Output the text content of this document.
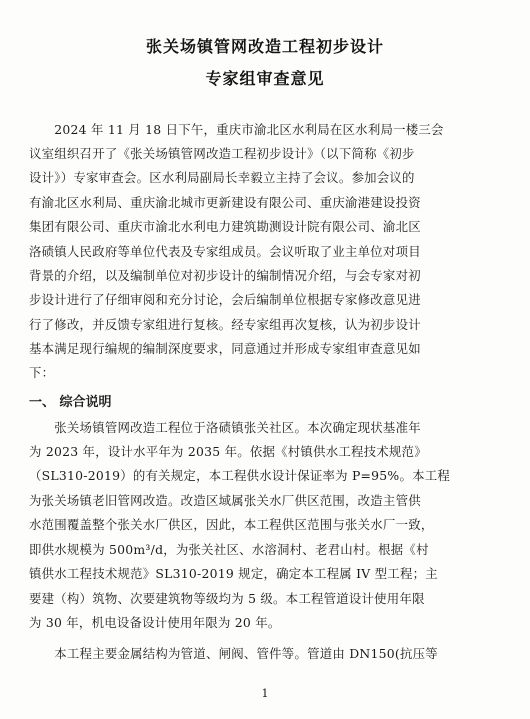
张关场镇管网改造工程初步设计
专家组审查意见
　　2024 年 11 月 18 日下午，重庆市渝北区水利局在区水利局一楼三会
议室组织召开了《张关场镇管网改造工程初步设计》（以下简称《初步
设计》）专家审查会。区水利局副局长幸毅立主持了会议。参加会议的
有渝北区水利局、重庆渝北城市更新建设有限公司、重庆渝港建设投资
集团有限公司、重庆市渝北水利电力建筑勘测设计院有限公司、渝北区
洛碛镇人民政府等单位代表及专家组成员。会议听取了业主单位对项目
背景的介绍，以及编制单位对初步设计的编制情况介绍，与会专家对初
步设计进行了仔细审阅和充分讨论，会后编制单位根据专家修改意见进
行了修改，并反馈专家组进行复核。经专家组再次复核，认为初步设计
基本满足现行编规的编制深度要求，同意通过并形成专家组审查意见如
下：
一、 综合说明
　　张关场镇管网改造工程位于洛碛镇张关社区。本次确定现状基准年
为 2023 年，设计水平年为 2035 年。依据《村镇供水工程技术规范》
（SL310-2019）的有关规定，本工程供水设计保证率为 P=95%。本工程
为张关场镇老旧管网改造。改造区域属张关水厂供区范围，改造主管供
水范围覆盖整个张关水厂供区，因此，本工程供区范围与张关水厂一致，
即供水规模为 500m³/d，为张关社区、水溶洞村、老君山村。根据《村
镇供水工程技术规范》SL310-2019 规定，确定本工程属 IV 型工程；主
要建（构）筑物、次要建筑物等级均为 5 级。本工程管道设计使用年限
为 30 年，机电设备设计使用年限为 20 年。
　　本工程主要金属结构为管道、闸阀、管件等。管道由 DN150(抗压等
1
